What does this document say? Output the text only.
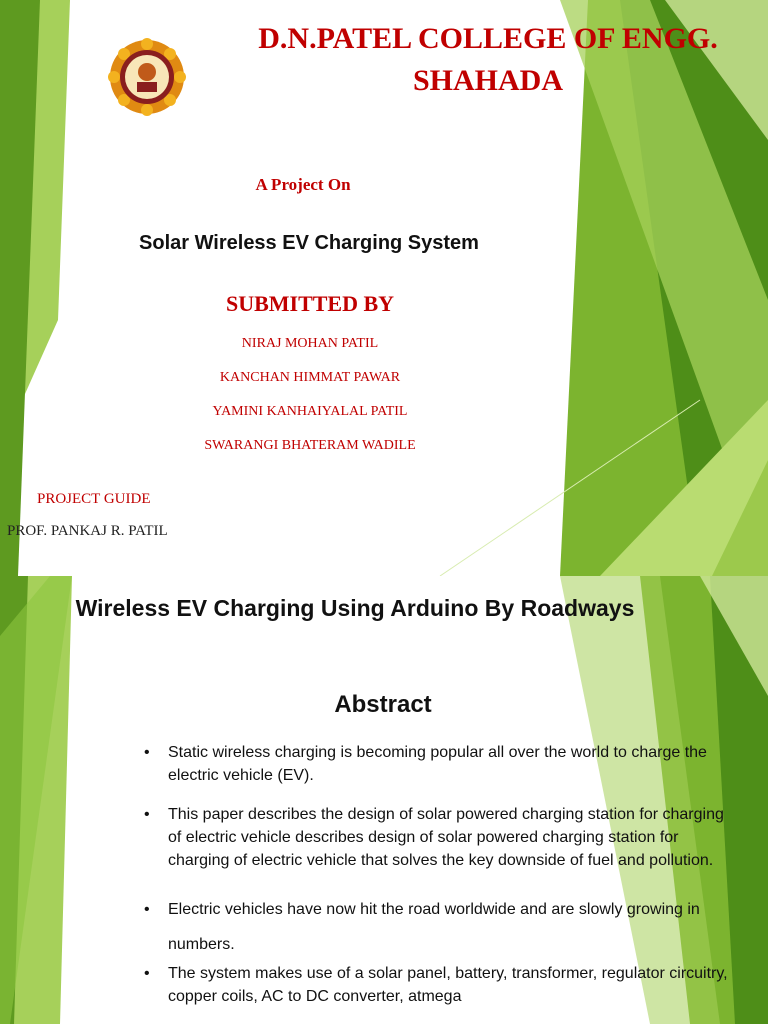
D.N.PATEL COLLEGE OF ENGG.
SHAHADA
A Project On
Solar Wireless EV Charging System
SUBMITTED BY
NIRAJ MOHAN PATIL
KANCHAN HIMMAT PAWAR
YAMINI KANHAIYALAL PATIL
SWARANGI BHATERAM WADILE
PROJECT GUIDE
PROF. PANKAJ R. PATIL
Wireless EV Charging Using Arduino By Roadways
Abstract
• Static wireless charging is becoming popular all over the world to charge the electric vehicle (EV).
• This paper describes the design of solar powered charging station for charging of electric vehicle describes design of solar powered charging station for charging of electric vehicle that solves the key downside of fuel and pollution.
• Electric vehicles have now hit the road worldwide and are slowly growing in numbers.
• The system makes use of a solar panel, battery, transformer, regulator circuitry, copper coils, AC to DC converter, atmega
